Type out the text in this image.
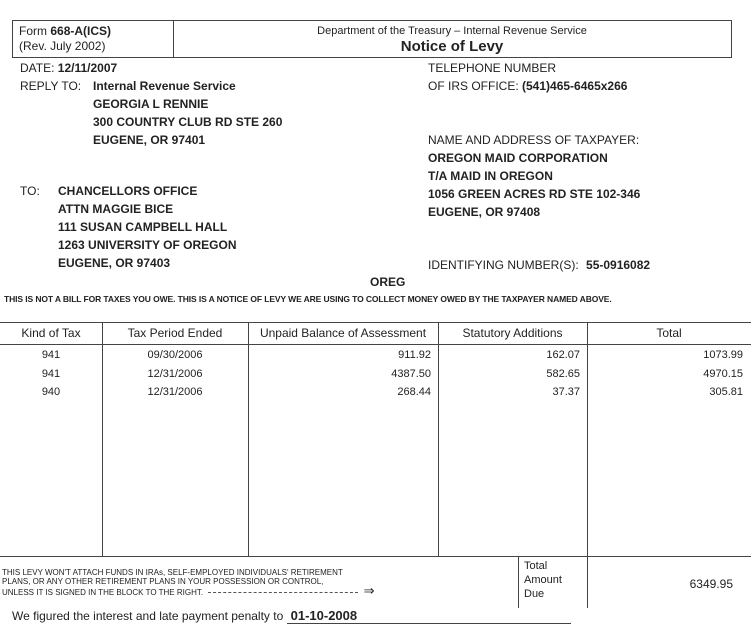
Form 668-A(ICS)
(Rev. July 2002)
Department of the Treasury – Internal Revenue Service
Notice of Levy
DATE: 12/11/2007
REPLY TO: Internal Revenue Service
GEORGIA L RENNIE
300 COUNTRY CLUB RD STE 260
EUGENE, OR 97401
TELEPHONE NUMBER
OF IRS OFFICE: (541)465-6465x266
NAME AND ADDRESS OF TAXPAYER:
OREGON MAID CORPORATION
T/A MAID IN OREGON
1056 GREEN ACRES RD STE 102-346
EUGENE, OR 97408
TO: CHANCELLORS OFFICE
ATTN MAGGIE BICE
111 SUSAN CAMPBELL HALL
1263 UNIVERSITY OF OREGON
EUGENE, OR 97403	IDENTIFYING NUMBER(S): 55-0916082
OREG
THIS IS NOT A BILL FOR TAXES YOU OWE. THIS IS A NOTICE OF LEVY WE ARE USING TO COLLECT MONEY OWED BY THE TAXPAYER NAMED ABOVE.
Kind of Tax	Tax Period Ended	Unpaid Balance of Assessment	Statutory Additions	Total
941	09/30/2006	911.92	162.07	1073.99
941	12/31/2006	4387.50	582.65	4970.15
940	12/31/2006	268.44	37.37	305.81
THIS LEVY WON'T ATTACH FUNDS IN IRAs, SELF-EMPLOYED INDIVIDUALS' RETIREMENT
PLANS, OR ANY OTHER RETIREMENT PLANS IN YOUR POSSESSION OR CONTROL,
UNLESS IT IS SIGNED IN THE BLOCK TO THE RIGHT.	⇒
Total
Amount
Due
6349.95
We figured the interest and late payment penalty to 01-10-2008
